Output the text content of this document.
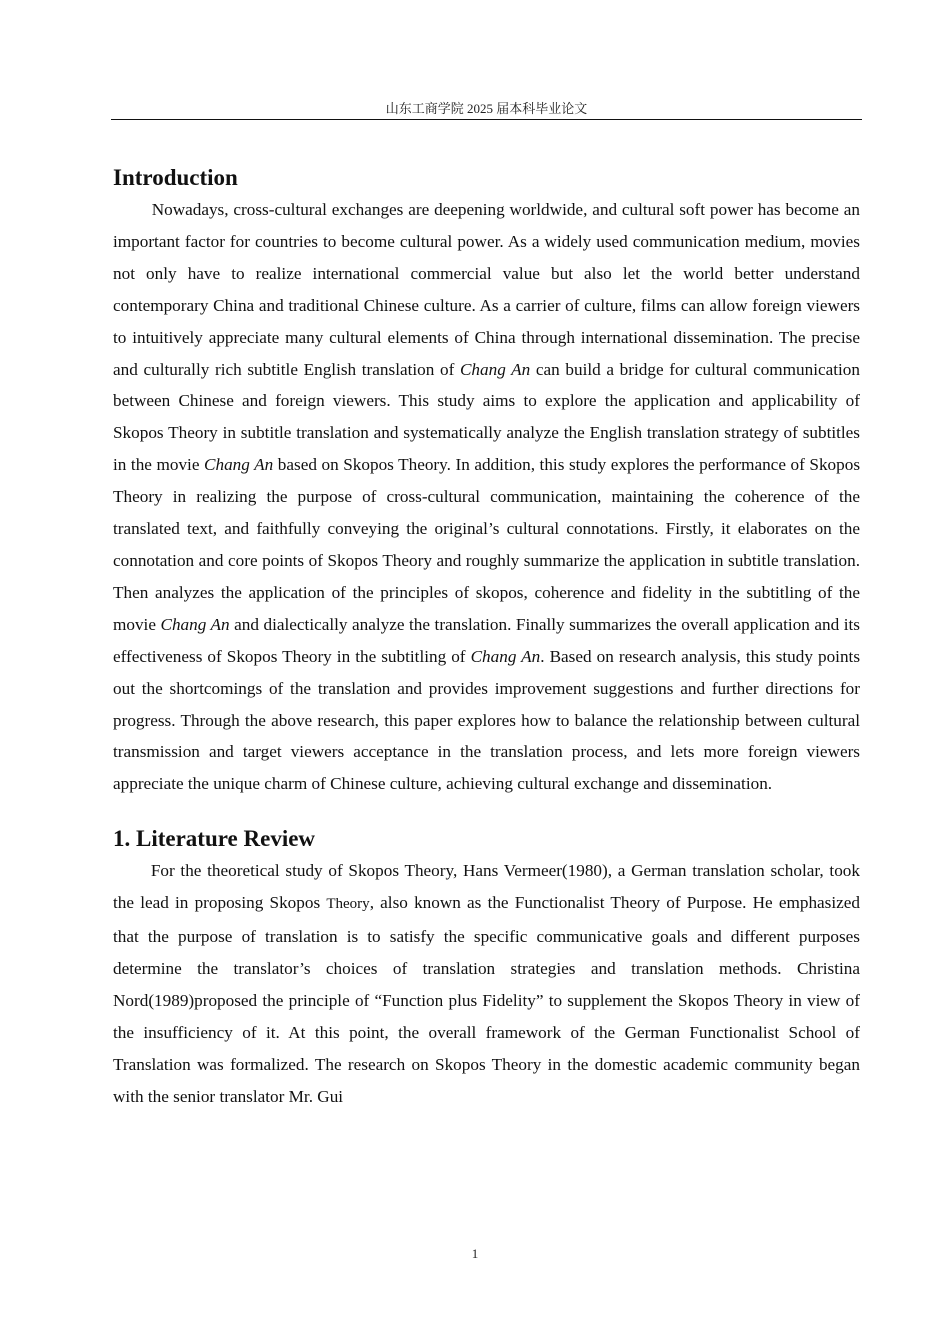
山东工商学院 2025 届本科毕业论文
Introduction

Nowadays, cross-cultural exchanges are deepening worldwide, and cultural soft power has become an important factor for countries to become cultural power. As a widely used communication medium, movies not only have to realize international commercial value but also let the world better understand contemporary China and traditional Chinese culture. As a carrier of culture, films can allow foreign viewers to intuitively appreciate many cultural elements of China through international dissemination. The precise and culturally rich subtitle English translation of Chang An can build a bridge for cultural communication between Chinese and foreign viewers. This study aims to explore the application and applicability of Skopos Theory in subtitle translation and systematically analyze the English translation strategy of subtitles in the movie Chang An based on Skopos Theory. In addition, this study explores the performance of Skopos Theory in realizing the purpose of cross-cultural communication, maintaining the coherence of the translated text, and faithfully conveying the original’s cultural connotations. Firstly, it elaborates on the connotation and core points of Skopos Theory and roughly summarize the application in subtitle translation. Then analyzes the application of the principles of skopos, coherence and fidelity in the subtitling of the movie Chang An and dialectically analyze the translation. Finally summarizes the overall application and its effectiveness of Skopos Theory in the subtitling of Chang An. Based on research analysis, this study points out the shortcomings of the translation and provides improvement suggestions and further directions for progress. Through the above research, this paper explores how to balance the relationship between cultural transmission and target viewers acceptance in the translation process, and lets more foreign viewers appreciate the unique charm of Chinese culture, achieving cultural exchange and dissemination.

1. Literature Review

For the theoretical study of Skopos Theory, Hans Vermeer(1980), a German translation scholar, took the lead in proposing Skopos Theory, also known as the Functionalist Theory of Purpose. He emphasized that the purpose of translation is to satisfy the specific communicative goals and different purposes determine the translator’s choices of translation strategies and translation methods. Christina Nord(1989)proposed the principle of “Function plus Fidelity” to supplement the Skopos Theory in view of the insufficiency of it. At this point, the overall framework of the German Functionalist School of Translation was formalized. The research on Skopos Theory in the domestic academic community began with the senior translator Mr. Gui

1
